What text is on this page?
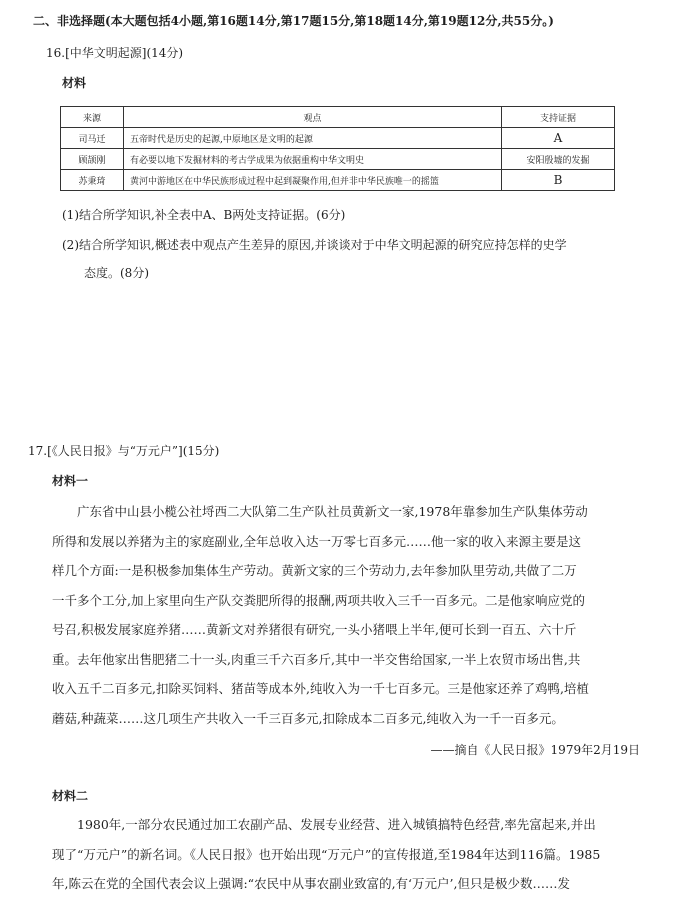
二、非选择题(本大题包括4小题,第16题14分,第17题15分,第18题14分,第19题12分,共55分。)
16.[中华文明起源](14分)
材料
来源	观点	支持证据
司马迁	五帝时代是历史的起源,中原地区是文明的起源	A
顾颉刚	有必要以地下发掘材料的考古学成果为依据重构中华文明史	安阳殷墟的发掘
苏秉琦	黄河中游地区在中华民族形成过程中起到凝聚作用,但并非中华民族唯一的摇篮	B
(1)结合所学知识,补全表中A、B两处支持证据。(6分)
(2)结合所学知识,概述表中观点产生差异的原因,并谈谈对于中华文明起源的研究应持怎样的史学
态度。(8分)
17.[《人民日报》与“万元户”](15分)
材料一

广东省中山县小榄公社埒西二大队第二生产队社员黄新文一家,1978年靠参加生产队集体劳动

所得和发展以养猪为主的家庭副业,全年总收入达一万零七百多元……他一家的收入来源主要是这

样几个方面:一是积极参加集体生产劳动。黄新文家的三个劳动力,去年参加队里劳动,共做了二万

一千多个工分,加上家里向生产队交粪肥所得的报酬,两项共收入三千一百多元。二是他家响应党的

号召,积极发展家庭养猪……黄新文对养猪很有研究,一头小猪喂上半年,便可长到一百五、六十斤

重。去年他家出售肥猪二十一头,肉重三千六百多斤,其中一半交售给国家,一半上农贸市场出售,共

收入五千二百多元,扣除买饲料、猪苗等成本外,纯收入为一千七百多元。三是他家还养了鸡鸭,培植

蘑菇,种蔬菜……这几项生产共收入一千三百多元,扣除成本二百多元,纯收入为一千一百多元。

——摘自《人民日报》1979年2月19日
材料二

1980年,一部分农民通过加工农副产品、发展专业经营、进入城镇搞特色经营,率先富起来,并出

现了“万元户”的新名词。《人民日报》也开始出现“万元户”的宣传报道,至1984年达到116篇。1985

年,陈云在党的全国代表会议上强调:“农民中从事农副业致富的,有‘万元户’,但只是极少数……发
